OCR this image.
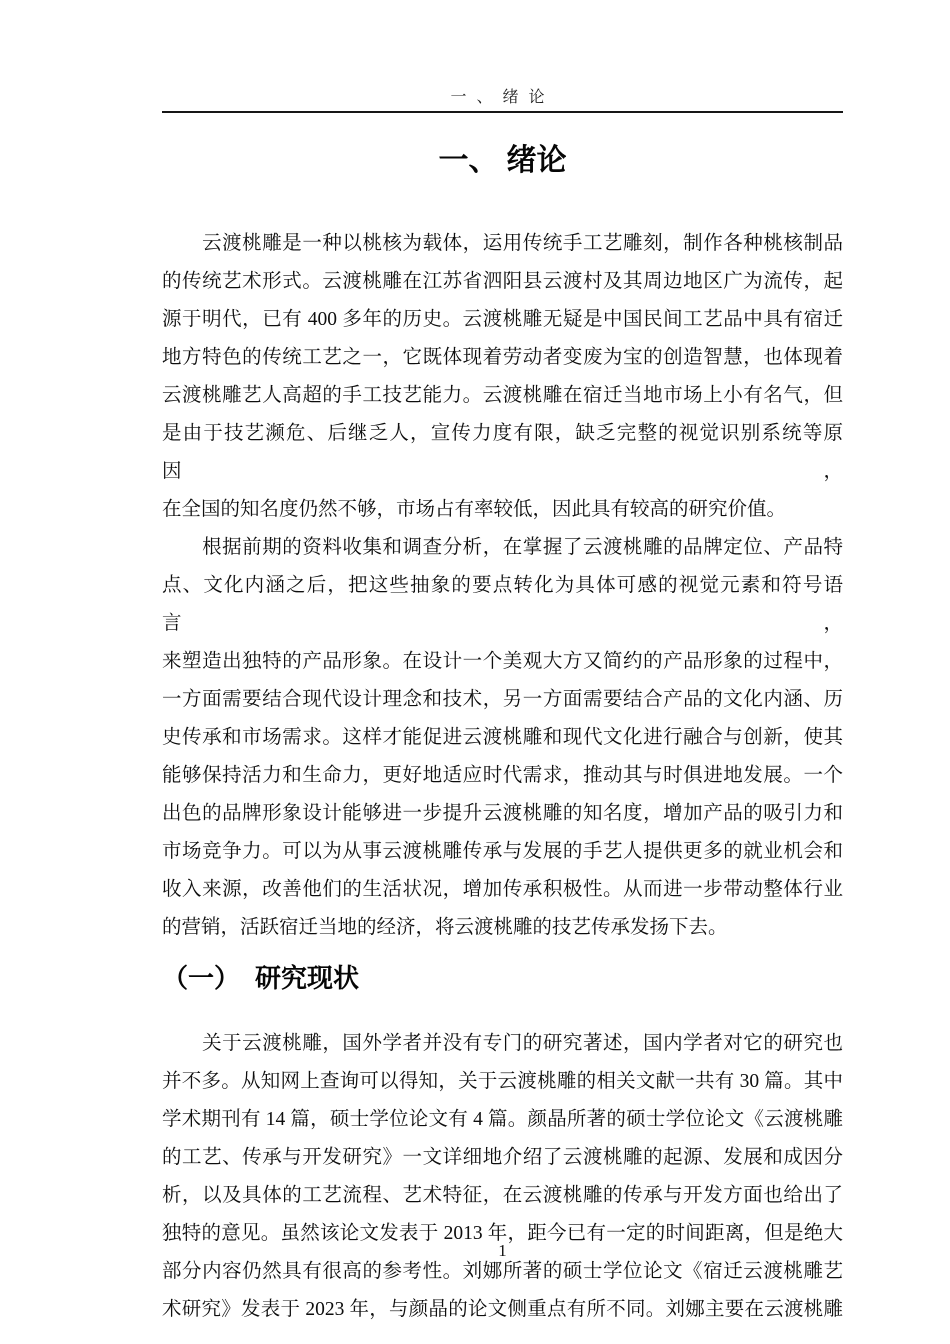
一、绪论
一、 绪论
　　云渡桃雕是一种以桃核为载体，运用传统手工艺雕刻，制作各种桃核制品
的传统艺术形式。云渡桃雕在江苏省泗阳县云渡村及其周边地区广为流传，起
源于明代，已有 400 多年的历史。云渡桃雕无疑是中国民间工艺品中具有宿迁
地方特色的传统工艺之一，它既体现着劳动者变废为宝的创造智慧，也体现着
云渡桃雕艺人高超的手工技艺能力。云渡桃雕在宿迁当地市场上小有名气，但
是由于技艺濒危、后继乏人，宣传力度有限，缺乏完整的视觉识别系统等原因，
在全国的知名度仍然不够，市场占有率较低，因此具有较高的研究价值。
　　根据前期的资料收集和调查分析，在掌握了云渡桃雕的品牌定位、产品特
点、文化内涵之后，把这些抽象的要点转化为具体可感的视觉元素和符号语言，
来塑造出独特的产品形象。在设计一个美观大方又简约的产品形象的过程中，
一方面需要结合现代设计理念和技术，另一方面需要结合产品的文化内涵、历
史传承和市场需求。这样才能促进云渡桃雕和现代文化进行融合与创新，使其
能够保持活力和生命力，更好地适应时代需求，推动其与时俱进地发展。一个
出色的品牌形象设计能够进一步提升云渡桃雕的知名度，增加产品的吸引力和
市场竞争力。可以为从事云渡桃雕传承与发展的手艺人提供更多的就业机会和
收入来源，改善他们的生活状况，增加传承积极性。从而进一步带动整体行业
的营销，活跃宿迁当地的经济，将云渡桃雕的技艺传承发扬下去。
（一） 研究现状
　　关于云渡桃雕，国外学者并没有专门的研究著述，国内学者对它的研究也
并不多。从知网上查询可以得知，关于云渡桃雕的相关文献一共有 30 篇。其中
学术期刊有 14 篇，硕士学位论文有 4 篇。颜晶所著的硕士学位论文《云渡桃雕
的工艺、传承与开发研究》一文详细地介绍了云渡桃雕的起源、发展和成因分
析，以及具体的工艺流程、艺术特征，在云渡桃雕的传承与开发方面也给出了
独特的意见。虽然该论文发表于 2013 年，距今已有一定的时间距离，但是绝大
部分内容仍然具有很高的参考性。刘娜所著的硕士学位论文《宿迁云渡桃雕艺
术研究》发表于 2023 年，与颜晶的论文侧重点有所不同。刘娜主要在云渡桃雕
1
